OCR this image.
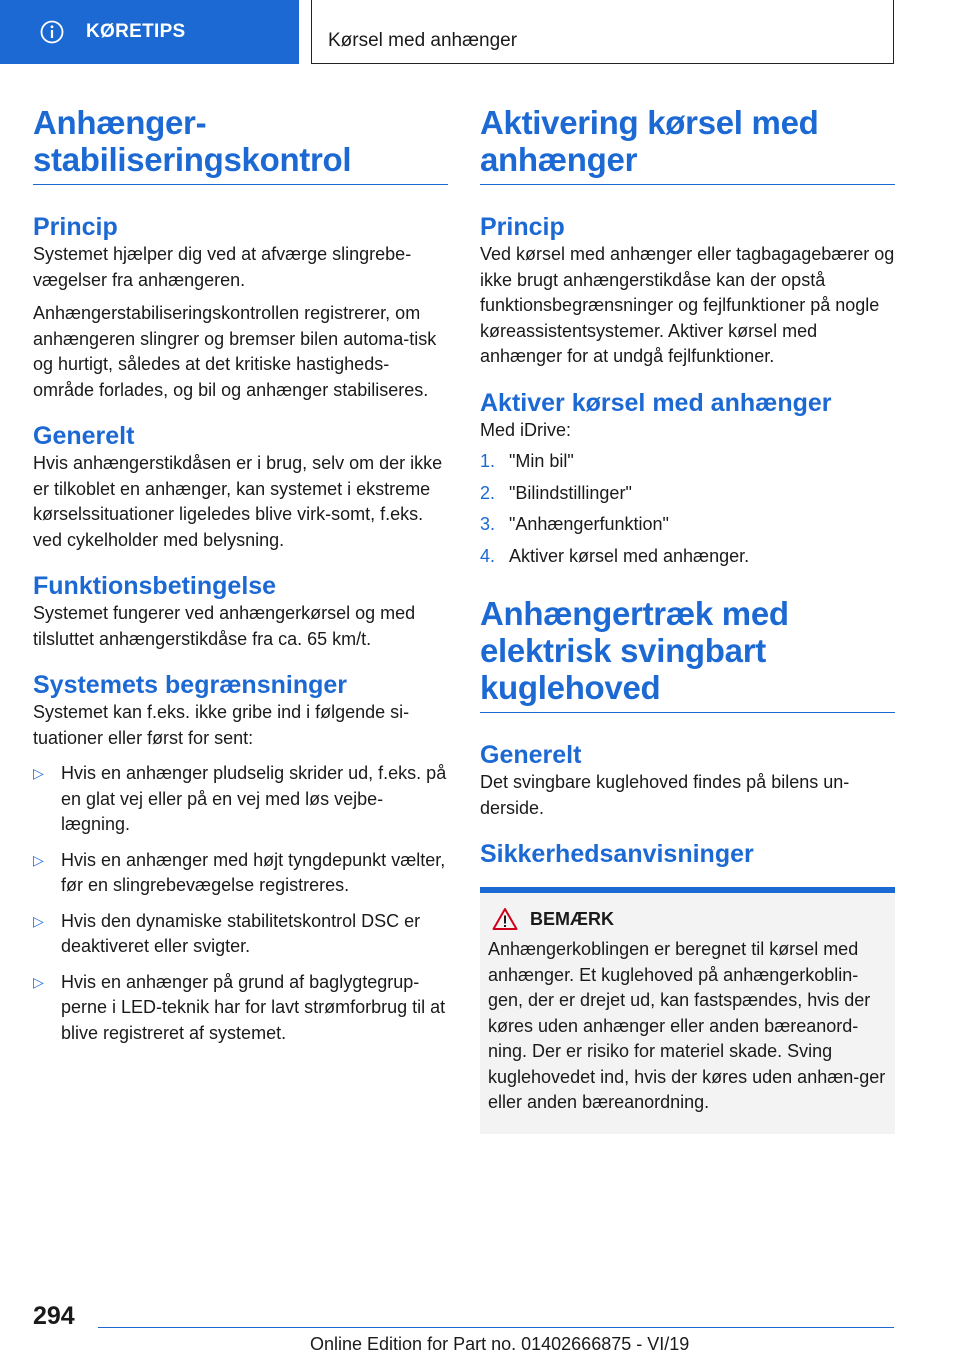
KØRETIPS	Kørsel med anhænger
Anhænger-
stabiliseringskontrol
Princip

Systemet hjælper dig ved at afværge slingrebe-vægelser fra anhængeren.

Anhængerstabiliseringskontrollen registrerer, om anhængeren slingrer og bremser bilen automa-tisk og hurtigt, således at det kritiske hastigheds-område forlades, og bil og anhænger stabiliseres.

Generelt

Hvis anhængerstikdåsen er i brug, selv om der ikke er tilkoblet en anhænger, kan systemet i ekstreme kørselssituationer ligeledes blive virk-somt, f.eks. ved cykelholder med belysning.

Funktionsbetingelse

Systemet fungerer ved anhængerkørsel og med tilsluttet anhængerstikdåse fra ca. 65 km/t.

Systemets begrænsninger

Systemet kan f.eks. ikke gribe ind i følgende si-tuationer eller først for sent:

▷ Hvis en anhænger pludselig skrider ud, f.eks. på en glat vej eller på en vej med løs vejbe-lægning.
▷ Hvis en anhænger med højt tyngdepunkt vælter, før en slingrebevægelse registreres.
▷ Hvis den dynamiske stabilitetskontrol DSC er deaktiveret eller svigter.
▷ Hvis en anhænger på grund af baglygtegrup-perne i LED-teknik har for lavt strømforbrug til at blive registreret af systemet.
Aktivering kørsel med anhænger
Princip

Ved kørsel med anhænger eller tagbagagebærer og ikke brugt anhængerstikdåse kan der opstå funktionsbegrænsninger og fejlfunktioner på nogle køreassistentsystemer. Aktiver kørsel med anhænger for at undgå fejlfunktioner.

Aktiver kørsel med anhænger

Med iDrive:

1. "Min bil"
2. "Bilindstillinger"
3. "Anhængerfunktion"
4. Aktiver kørsel med anhænger.
Anhængertræk med elektrisk svingbart kuglehoved
Generelt

Det svingbare kuglehoved findes på bilens un-derside.

Sikkerhedsanvisninger
BEMÆRK

Anhængerkoblingen er beregnet til kørsel med anhænger. Et kuglehoved på anhængerkoblin-gen, der er drejet ud, kan fastspændes, hvis der køres uden anhænger eller anden bæreanord-ning. Der er risiko for materiel skade. Sving kuglehovedet ind, hvis der køres uden anhæn-ger eller anden bæreanordning.

294
Online Edition for Part no. 01402666875 - VI/19
